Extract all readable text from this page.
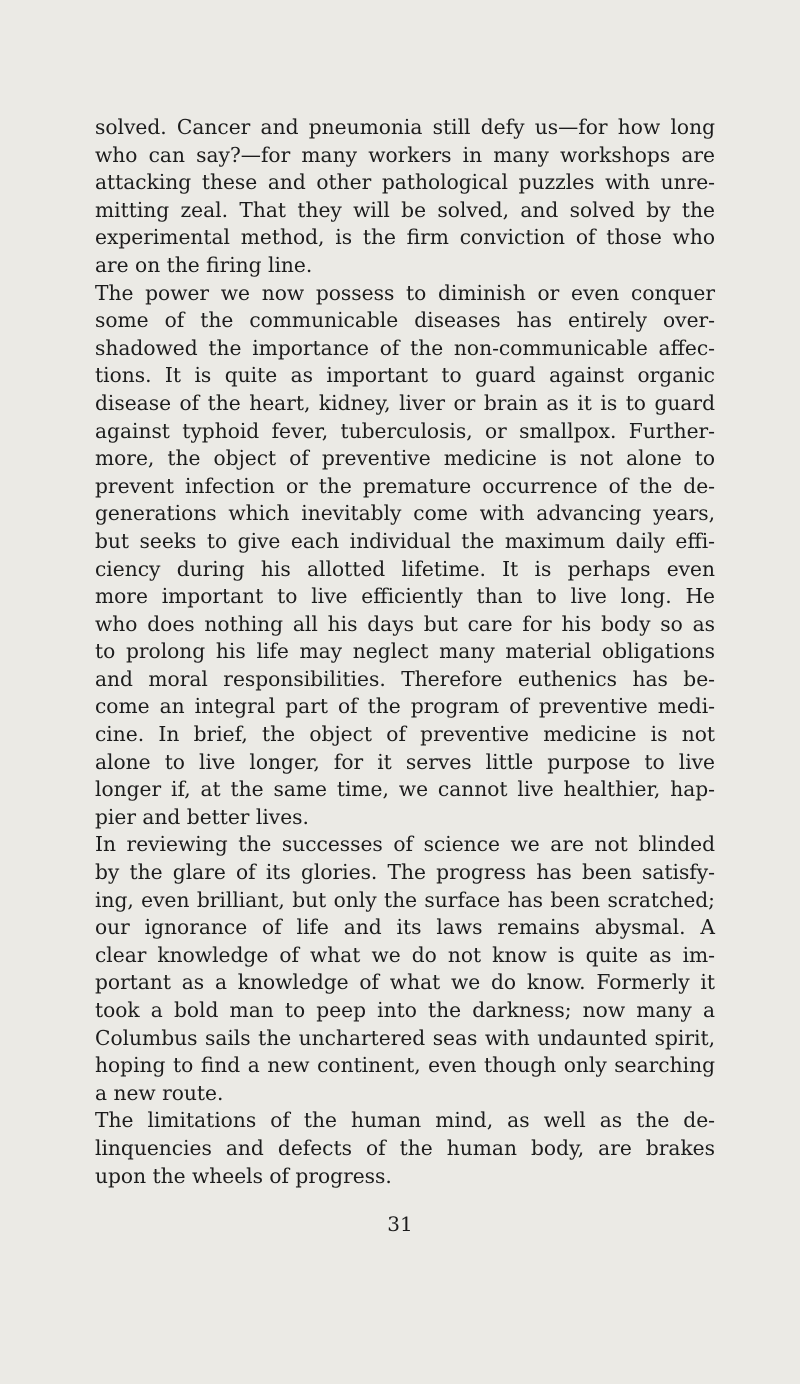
solved. Cancer and pneumonia still defy us—for how long
who can say?—for many workers in many workshops are
attacking these and other pathological puzzles with unre-
mitting zeal. That they will be solved, and solved by the
experimental method, is the firm conviction of those who
are on the firing line.
The power we now possess to diminish or even conquer
some of the communicable diseases has entirely over-
shadowed the importance of the non-communicable affec-
tions. It is quite as important to guard against organic
disease of the heart, kidney, liver or brain as it is to guard
against typhoid fever, tuberculosis, or smallpox. Further-
more, the object of preventive medicine is not alone to
prevent infection or the premature occurrence of the de-
generations which inevitably come with advancing years,
but seeks to give each individual the maximum daily effi-
ciency during his allotted lifetime. It is perhaps even
more important to live efficiently than to live long. He
who does nothing all his days but care for his body so as
to prolong his life may neglect many material obligations
and moral responsibilities. Therefore euthenics has be-
come an integral part of the program of preventive medi-
cine. In brief, the object of preventive medicine is not
alone to live longer, for it serves little purpose to live
longer if, at the same time, we cannot live healthier, hap-
pier and better lives.
In reviewing the successes of science we are not blinded
by the glare of its glories. The progress has been satisfy-
ing, even brilliant, but only the surface has been scratched;
our ignorance of life and its laws remains abysmal. A
clear knowledge of what we do not know is quite as im-
portant as a knowledge of what we do know. Formerly it
took a bold man to peep into the darkness; now many a
Columbus sails the unchartered seas with undaunted spirit,
hoping to find a new continent, even though only searching
a new route.
The limitations of the human mind, as well as the de-
linquencies and defects of the human body, are brakes
upon the wheels of progress.
31
